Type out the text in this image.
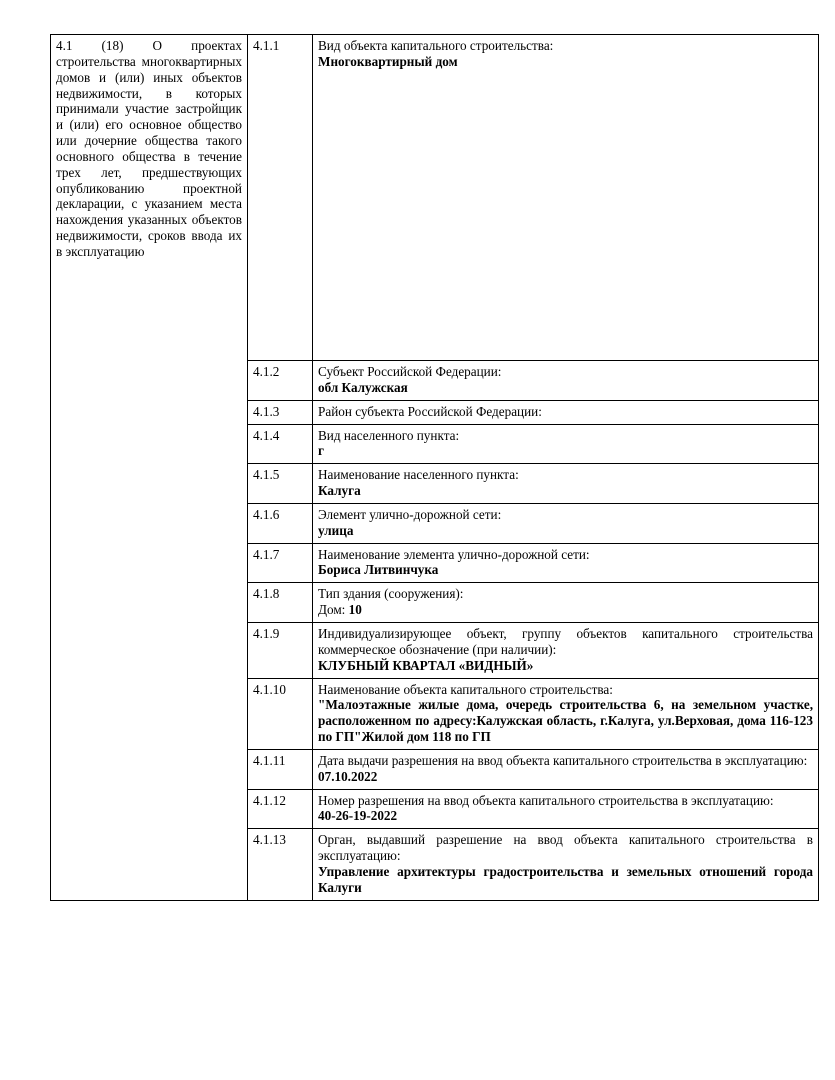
4.1 (18) О проектах строительства многоквартирных домов и (или) иных объектов недвижимости, в которых принимали участие застройщик и (или) его основное общество или дочерние общества такого основного общества в течение трех лет, предшествующих опубликованию проектной декларации, с указанием места нахождения указанных объектов недвижимости, сроков ввода их в эксплуатацию	4.1.1	Вид объекта капитального строительства:
Многоквартирный дом

	4.1.2	Субъект Российской Федерации:
обл Калужская

	4.1.3	Район субъекта Российской Федерации:

	4.1.4	Вид населенного пункта:
г

	4.1.5	Наименование населенного пункта:
Калуга

	4.1.6	Элемент улично-дорожной сети:
улица

	4.1.7	Наименование элемента улично-дорожной сети:
Бориса Литвинчука

	4.1.8	Тип здания (сооружения):
Дом: 10

	4.1.9	Индивидуализирующее объект, группу объектов капитального строительства коммерческое обозначение (при наличии):
КЛУБНЫЙ КВАРТАЛ «ВИДНЫЙ»

	4.1.10	Наименование объекта капитального строительства:
"Малоэтажные жилые дома, очередь строительства 6, на земельном участке, расположенном по адресу:Калужская область, г.Калуга, ул.Верховая, дома 116-123 по ГП"Жилой дом 118 по ГП

	4.1.11	Дата выдачи разрешения на ввод объекта капитального строительства в эксплуатацию:
07.10.2022

	4.1.12	Номер разрешения на ввод объекта капитального строительства в эксплуатацию:
40-26-19-2022

	4.1.13	Орган, выдавший разрешение на ввод объекта капитального строительства в эксплуатацию:
Управление архитектуры градостроительства и земельных отношений города Калуги
